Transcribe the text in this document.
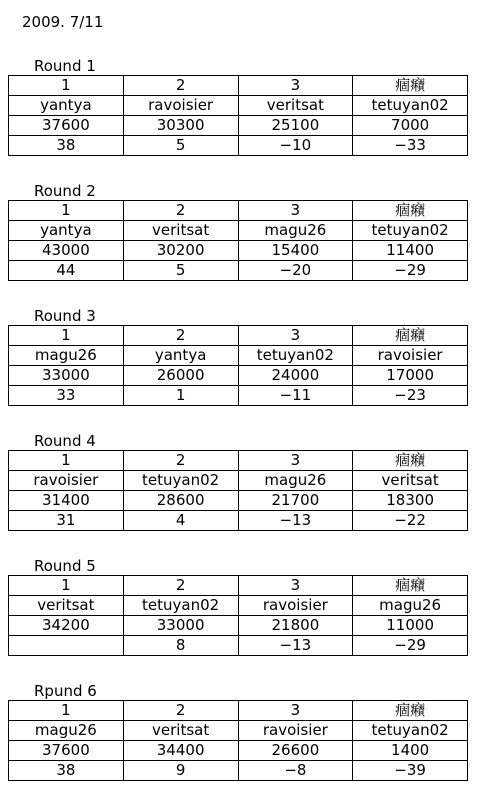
2009. 7/11
Round 1
1	2	3	痼癪
yantya	ravoisier	veritsat	tetuyan02
37600	30300	25100	7000
38	5	−10	−33
Round 2
1	2	3	痼癪
yantya	veritsat	magu26	tetuyan02
43000	30200	15400	11400
44	5	−20	−29
Round 3
1	2	3	痼癪
magu26	yantya	tetuyan02	ravoisier
33000	26000	24000	17000
33	1	−11	−23
Round 4
1	2	3	痼癪
ravoisier	tetuyan02	magu26	veritsat
31400	28600	21700	18300
31	4	−13	−22
Round 5
1	2	3	痼癪
veritsat	tetuyan02	ravoisier	magu26
34200	33000	21800	11000
	8	−13	−29
Rpund 6
1	2	3	痼癪
magu26	veritsat	ravoisier	tetuyan02
37600	34400	26600	1400
38	9	−8	−39
